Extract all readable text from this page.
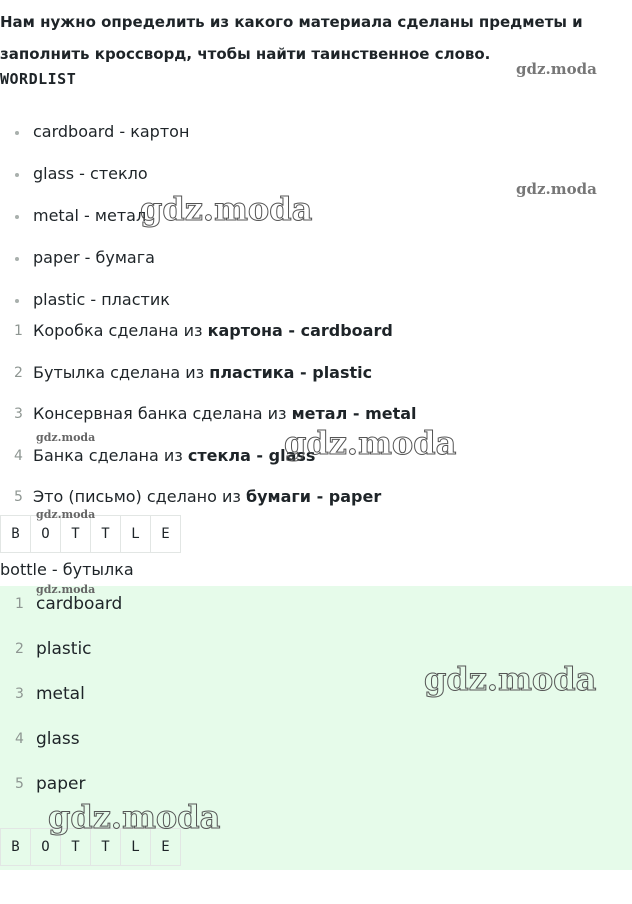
Нам нужно определить из какого материала сделаны предметы и заполнить кроссворд, чтобы найти таинственное слово.

WORDLIST
cardboard - картон
glass - стекло
metal - метал
paper - бумага
plastic - пластик
1 Коробка сделана из картона - cardboard
2 Бутылка сделана из пластика - plastic
3 Консервная банка сделана из метал - metal
4 Банка сделана из стекла - glass
5 Это (письмо) сделано из бумаги - paper
B	O	T	T	L	E

bottle - бутылка

1 cardboard
2 plastic
3 metal
4 glass
5 paper
B	O	T	T	L	E
gdz.moda
gdz.moda
gdz.moda
gdz.moda	gdz.moda
gdz.moda
gdz.moda
gdz.moda
gdz.moda
